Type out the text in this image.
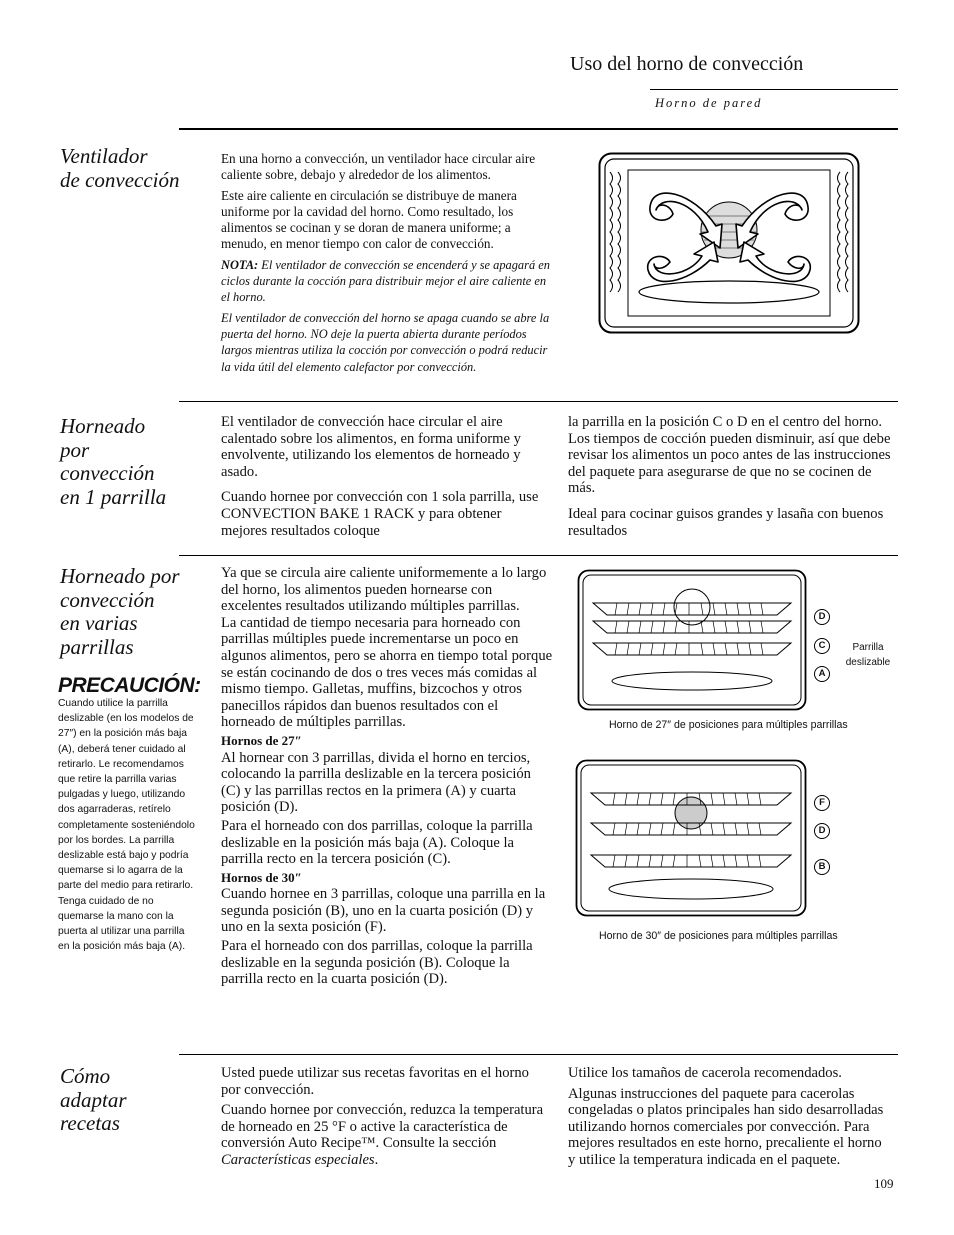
Uso del horno de convección
Horno de pared
Ventilador
de convección

En una horno a convección, un ventilador hace circular aire caliente sobre, debajo y alrededor de los alimentos.

Este aire caliente en circulación se distribuye de manera uniforme por la cavidad del horno. Como resultado, los alimentos se cocinan y se doran de manera uniforme; a menudo, en menor tiempo con calor de convección.

NOTA: El ventilador de convección se encenderá y se apagará en ciclos durante la cocción para distribuir mejor el aire caliente en el horno.

El ventilador de convección del horno se apaga cuando se abre la puerta del horno. NO deje la puerta abierta durante períodos largos mientras utiliza la cocción por convección o podrá reducir la vida útil del elemento calefactor por convección.

Horneado
por
convección
en 1 parrilla

El ventilador de convección hace circular el aire calentado sobre los alimentos, en forma uniforme y envolvente, utilizando los elementos de horneado y asado.

Cuando hornee por convección con 1 sola parrilla, use CONVECTION BAKE 1 RACK y para obtener mejores resultados coloque

la parrilla en la posición C o D en el centro del horno. Los tiempos de cocción pueden disminuir, así que debe revisar los alimentos un poco antes de las instrucciones del paquete para asegurarse de que no se cocinen de más.

Ideal para cocinar guisos grandes y lasaña con buenos resultados

Horneado por
convección
en varias
parrillas
PRECAUCIÓN:
Cuando utilice la parrilla deslizable (en los modelos de 27″) en la posición más baja (A), deberá tener cuidado al retirarlo. Le recomendamos que retire la parrilla varias pulgadas y luego, utilizando dos agarraderas, retírelo completamente sosteniéndolo por los bordes. La parrilla deslizable está bajo y podría quemarse si lo agarra de la parte del medio para retirarlo. Tenga cuidado de no quemarse la mano con la puerta al utilizar una parrilla en la posición más baja (A).

Ya que se circula aire caliente uniformemente a lo largo del horno, los alimentos pueden hornearse con excelentes resultados utilizando múltiples parrillas.

La cantidad de tiempo necesaria para horneado con parrillas múltiples puede incrementarse un poco en algunos alimentos, pero se ahorra en tiempo total porque se están cocinando de dos o tres veces más comidas al mismo tiempo. Galletas, muffins, bizcochos y otros panecillos rápidos dan buenos resultados con el horneado de múltiples parrillas.

Hornos de 27″

Al hornear con 3 parrillas, divida el horno en tercios, colocando la parrilla deslizable en la tercera posición (C) y las parrillas rectos en la primera (A) y cuarta posición (D).

Para el horneado con dos parrillas, coloque la parrilla deslizable en la posición más baja (A). Coloque la parrilla recto en la tercera posición (C).

Hornos de 30″

Cuando hornee en 3 parrillas, coloque una parrilla en la segunda posición (B), uno en la cuarta posición (D) y uno en la sexta posición (F).

Para el horneado con dos parrillas, coloque la parrilla deslizable en la segunda posición (B). Coloque la parrilla recto en la cuarta posición (D).

D
C
A
Parrilla
deslizable
Horno de 27″ de posiciones para múltiples parrillas
F
D
B
Horno de 30″ de posiciones para múltiples parrillas
Cómo
adaptar
recetas

Usted puede utilizar sus recetas favoritas en el horno por convección.

Cuando hornee por convección, reduzca la temperatura de horneado en 25 °F o active la característica de conversión Auto Recipe™. Consulte la sección Características especiales.

Utilice los tamaños de cacerola recomendados.

Algunas instrucciones del paquete para cacerolas congeladas o platos principales han sido desarrolladas utilizando hornos comerciales por convección. Para mejores resultados en este horno, precaliente el horno y utilice la temperatura indicada en el paquete.

109
